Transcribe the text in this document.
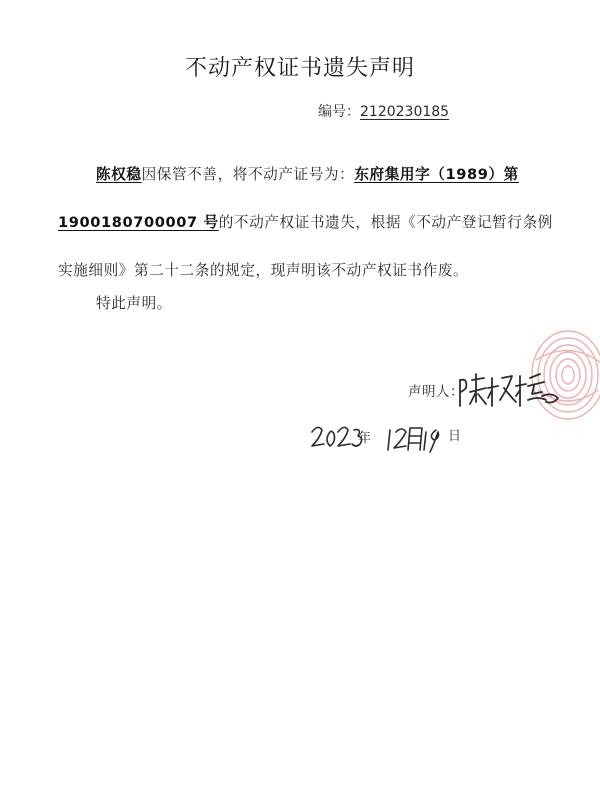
不动产权证书遗失声明
编号：2120230185
陈权稳因保管不善，将不动产证号为：东府集用字（1989）第
1900180700007 号的不动产权证书遗失，根据《不动产登记暂行条例
实施细则》第二十二条的规定，现声明该不动产权证书作废。
特此声明。
声明人：
年	日
